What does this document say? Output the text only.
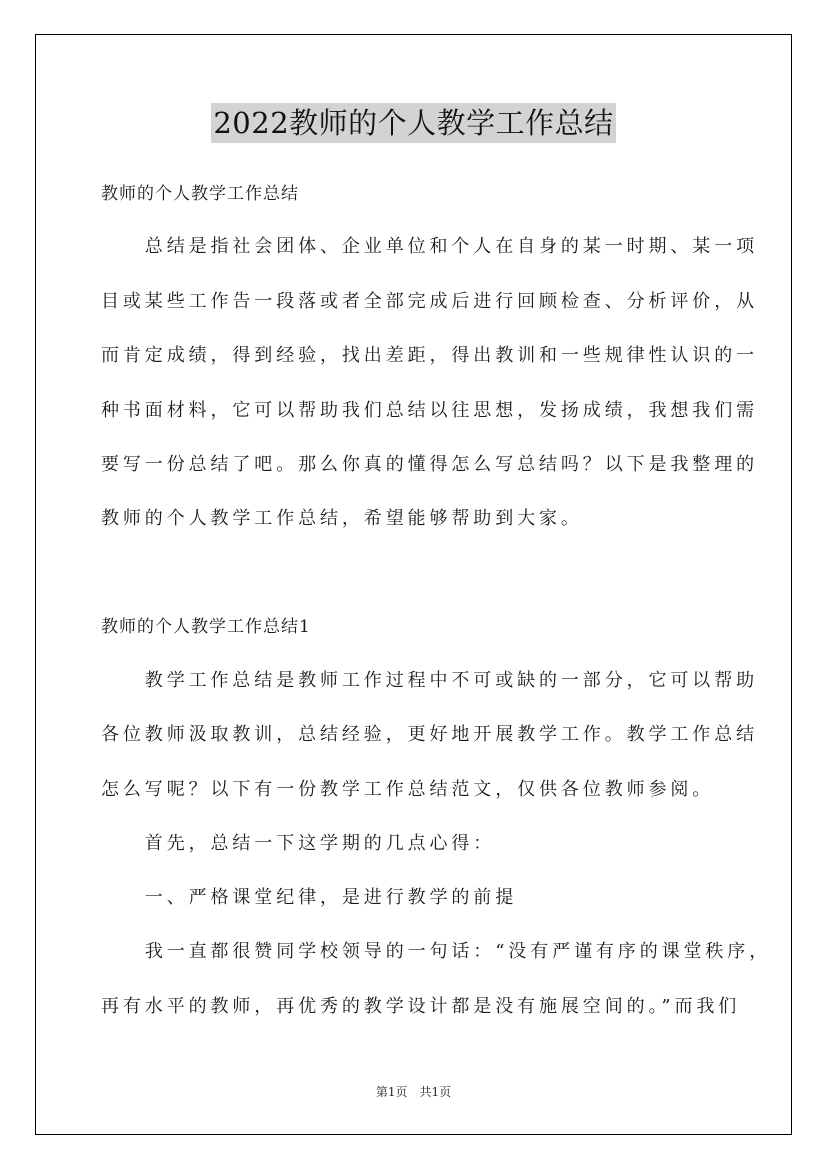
2022教师的个人教学工作总结
教师的个人教学工作总结
　　总结是指社会团体、企业单位和个人在自身的某一时期、某一项
目或某些工作告一段落或者全部完成后进行回顾检查、分析评价，从
而肯定成绩，得到经验，找出差距，得出教训和一些规律性认识的一
种书面材料，它可以帮助我们总结以往思想，发扬成绩，我想我们需
要写一份总结了吧。那么你真的懂得怎么写总结吗？以下是我整理的
教师的个人教学工作总结，希望能够帮助到大家。
教师的个人教学工作总结1
　　教学工作总结是教师工作过程中不可或缺的一部分，它可以帮助
各位教师汲取教训，总结经验，更好地开展教学工作。教学工作总结
怎么写呢？以下有一份教学工作总结范文，仅供各位教师参阅。
　　首先，总结一下这学期的几点心得：
　　一、严格课堂纪律，是进行教学的前提
　　我一直都很赞同学校领导的一句话：“没有严谨有序的课堂秩序，
再有水平的教师，再优秀的教学设计都是没有施展空间的。”而我们
第1页　共1页
